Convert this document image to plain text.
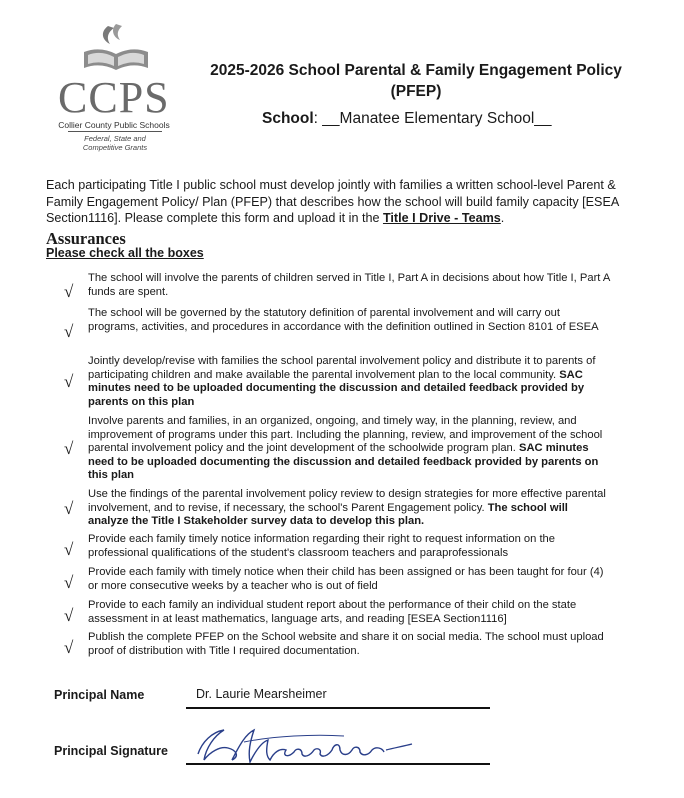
CCPS
Collier County Public Schools
Federal, State and
Competitive Grants
2025-2026 School Parental & Family Engagement Policy
(PFEP)
School: __Manatee Elementary School__
Each participating Title I public school must develop jointly with families a written school-level Parent & Family Engagement Policy/ Plan (PFEP) that describes how the school will build family capacity [ESEA Section1116]. Please complete this form and upload it in the Title I Drive - Teams.
Assurances
Please check all the boxes
√
The school will involve the parents of children served in Title I, Part A in decisions about how Title I, Part A funds are spent.
√
The school will be governed by the statutory definition of parental involvement and will carry out programs, activities, and procedures in accordance with the definition outlined in Section 8101 of ESEA
√
Jointly develop/revise with families the school parental involvement policy and distribute it to parents of participating children and make available the parental involvement plan to the local community. SAC minutes need to be uploaded documenting the discussion and detailed feedback provided by parents on this plan
√
Involve parents and families, in an organized, ongoing, and timely way, in the planning, review, and improvement of programs under this part. Including the planning, review, and improvement of the school parental involvement policy and the joint development of the schoolwide program plan. SAC minutes need to be uploaded documenting the discussion and detailed feedback provided by parents on this plan
√
Use the findings of the parental involvement policy review to design strategies for more effective parental involvement, and to revise, if necessary, the school's Parent Engagement policy. The school will analyze the Title I Stakeholder survey data to develop this plan.
√
Provide each family timely notice information regarding their right to request information on the professional qualifications of the student's classroom teachers and paraprofessionals
√
Provide each family with timely notice when their child has been assigned or has been taught for four (4) or more consecutive weeks by a teacher who is out of field
√
Provide to each family an individual student report about the performance of their child on the state assessment in at least mathematics, language arts, and reading [ESEA Section1116]
√
Publish the complete PFEP on the School website and share it on social media. The school must upload proof of distribution with Title I required documentation.
Principal Name	Dr. Laurie Mearsheimer
Principal Signature
